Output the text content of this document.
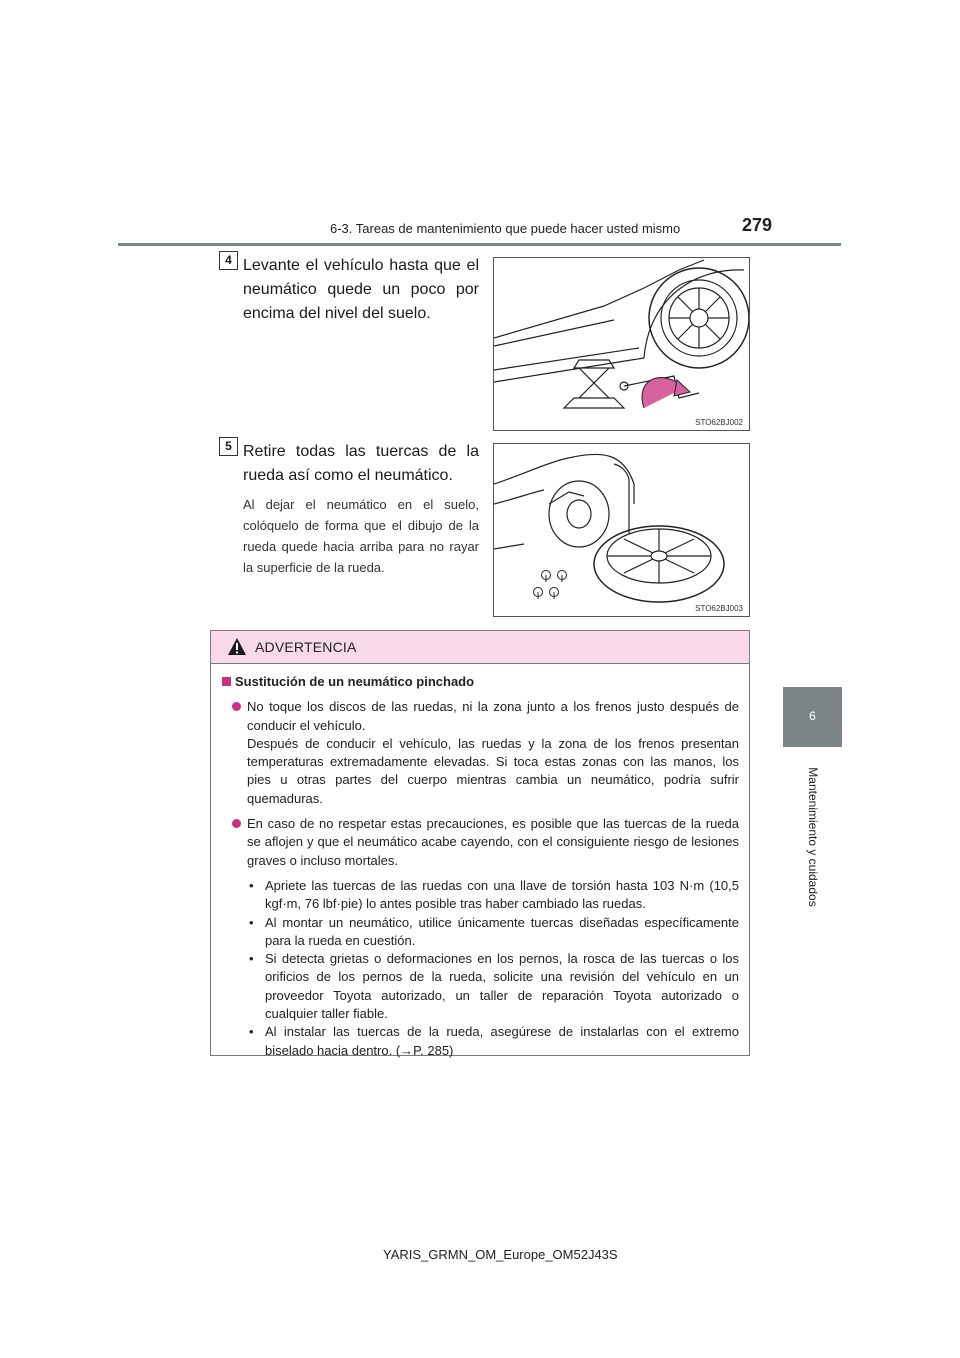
6-3. Tareas de mantenimiento que puede hacer usted mismo	279
6
Mantenimiento y cuidados
4 Levante el vehículo hasta que el neumático quede un poco por encima del nivel del suelo.
STO62BJ002
5 Retire todas las tuercas de la rueda así como el neumático.
Al dejar el neumático en el suelo, colóquelo de forma que el dibujo de la rueda quede hacia arriba para no rayar la superficie de la rueda.
STO62BJ003
ADVERTENCIA
Sustitución de un neumático pinchado

No toque los discos de las ruedas, ni la zona junto a los frenos justo después de conducir el vehículo.

Después de conducir el vehículo, las ruedas y la zona de los frenos presentan temperaturas extremadamente elevadas. Si toca estas zonas con las manos, los pies u otras partes del cuerpo mientras cambia un neumático, podría sufrir quemaduras.

En caso de no respetar estas precauciones, es posible que las tuercas de la rueda se aflojen y que el neumático acabe cayendo, con el consiguiente riesgo de lesiones graves o incluso mortales.

• Apriete las tuercas de las ruedas con una llave de torsión hasta 103 N·m (10,5 kgf·m, 76 lbf·pie) lo antes posible tras haber cambiado las ruedas.
• Al montar un neumático, utilice únicamente tuercas diseñadas específicamente para la rueda en cuestión.
• Si detecta grietas o deformaciones en los pernos, la rosca de las tuercas o los orificios de los pernos de la rueda, solicite una revisión del vehículo en un proveedor Toyota autorizado, un taller de reparación Toyota autorizado o cualquier taller fiable.
• Al instalar las tuercas de la rueda, asegúrese de instalarlas con el extremo biselado hacia dentro. (→P. 285)
YARIS_GRMN_OM_Europe_OM52J43S
